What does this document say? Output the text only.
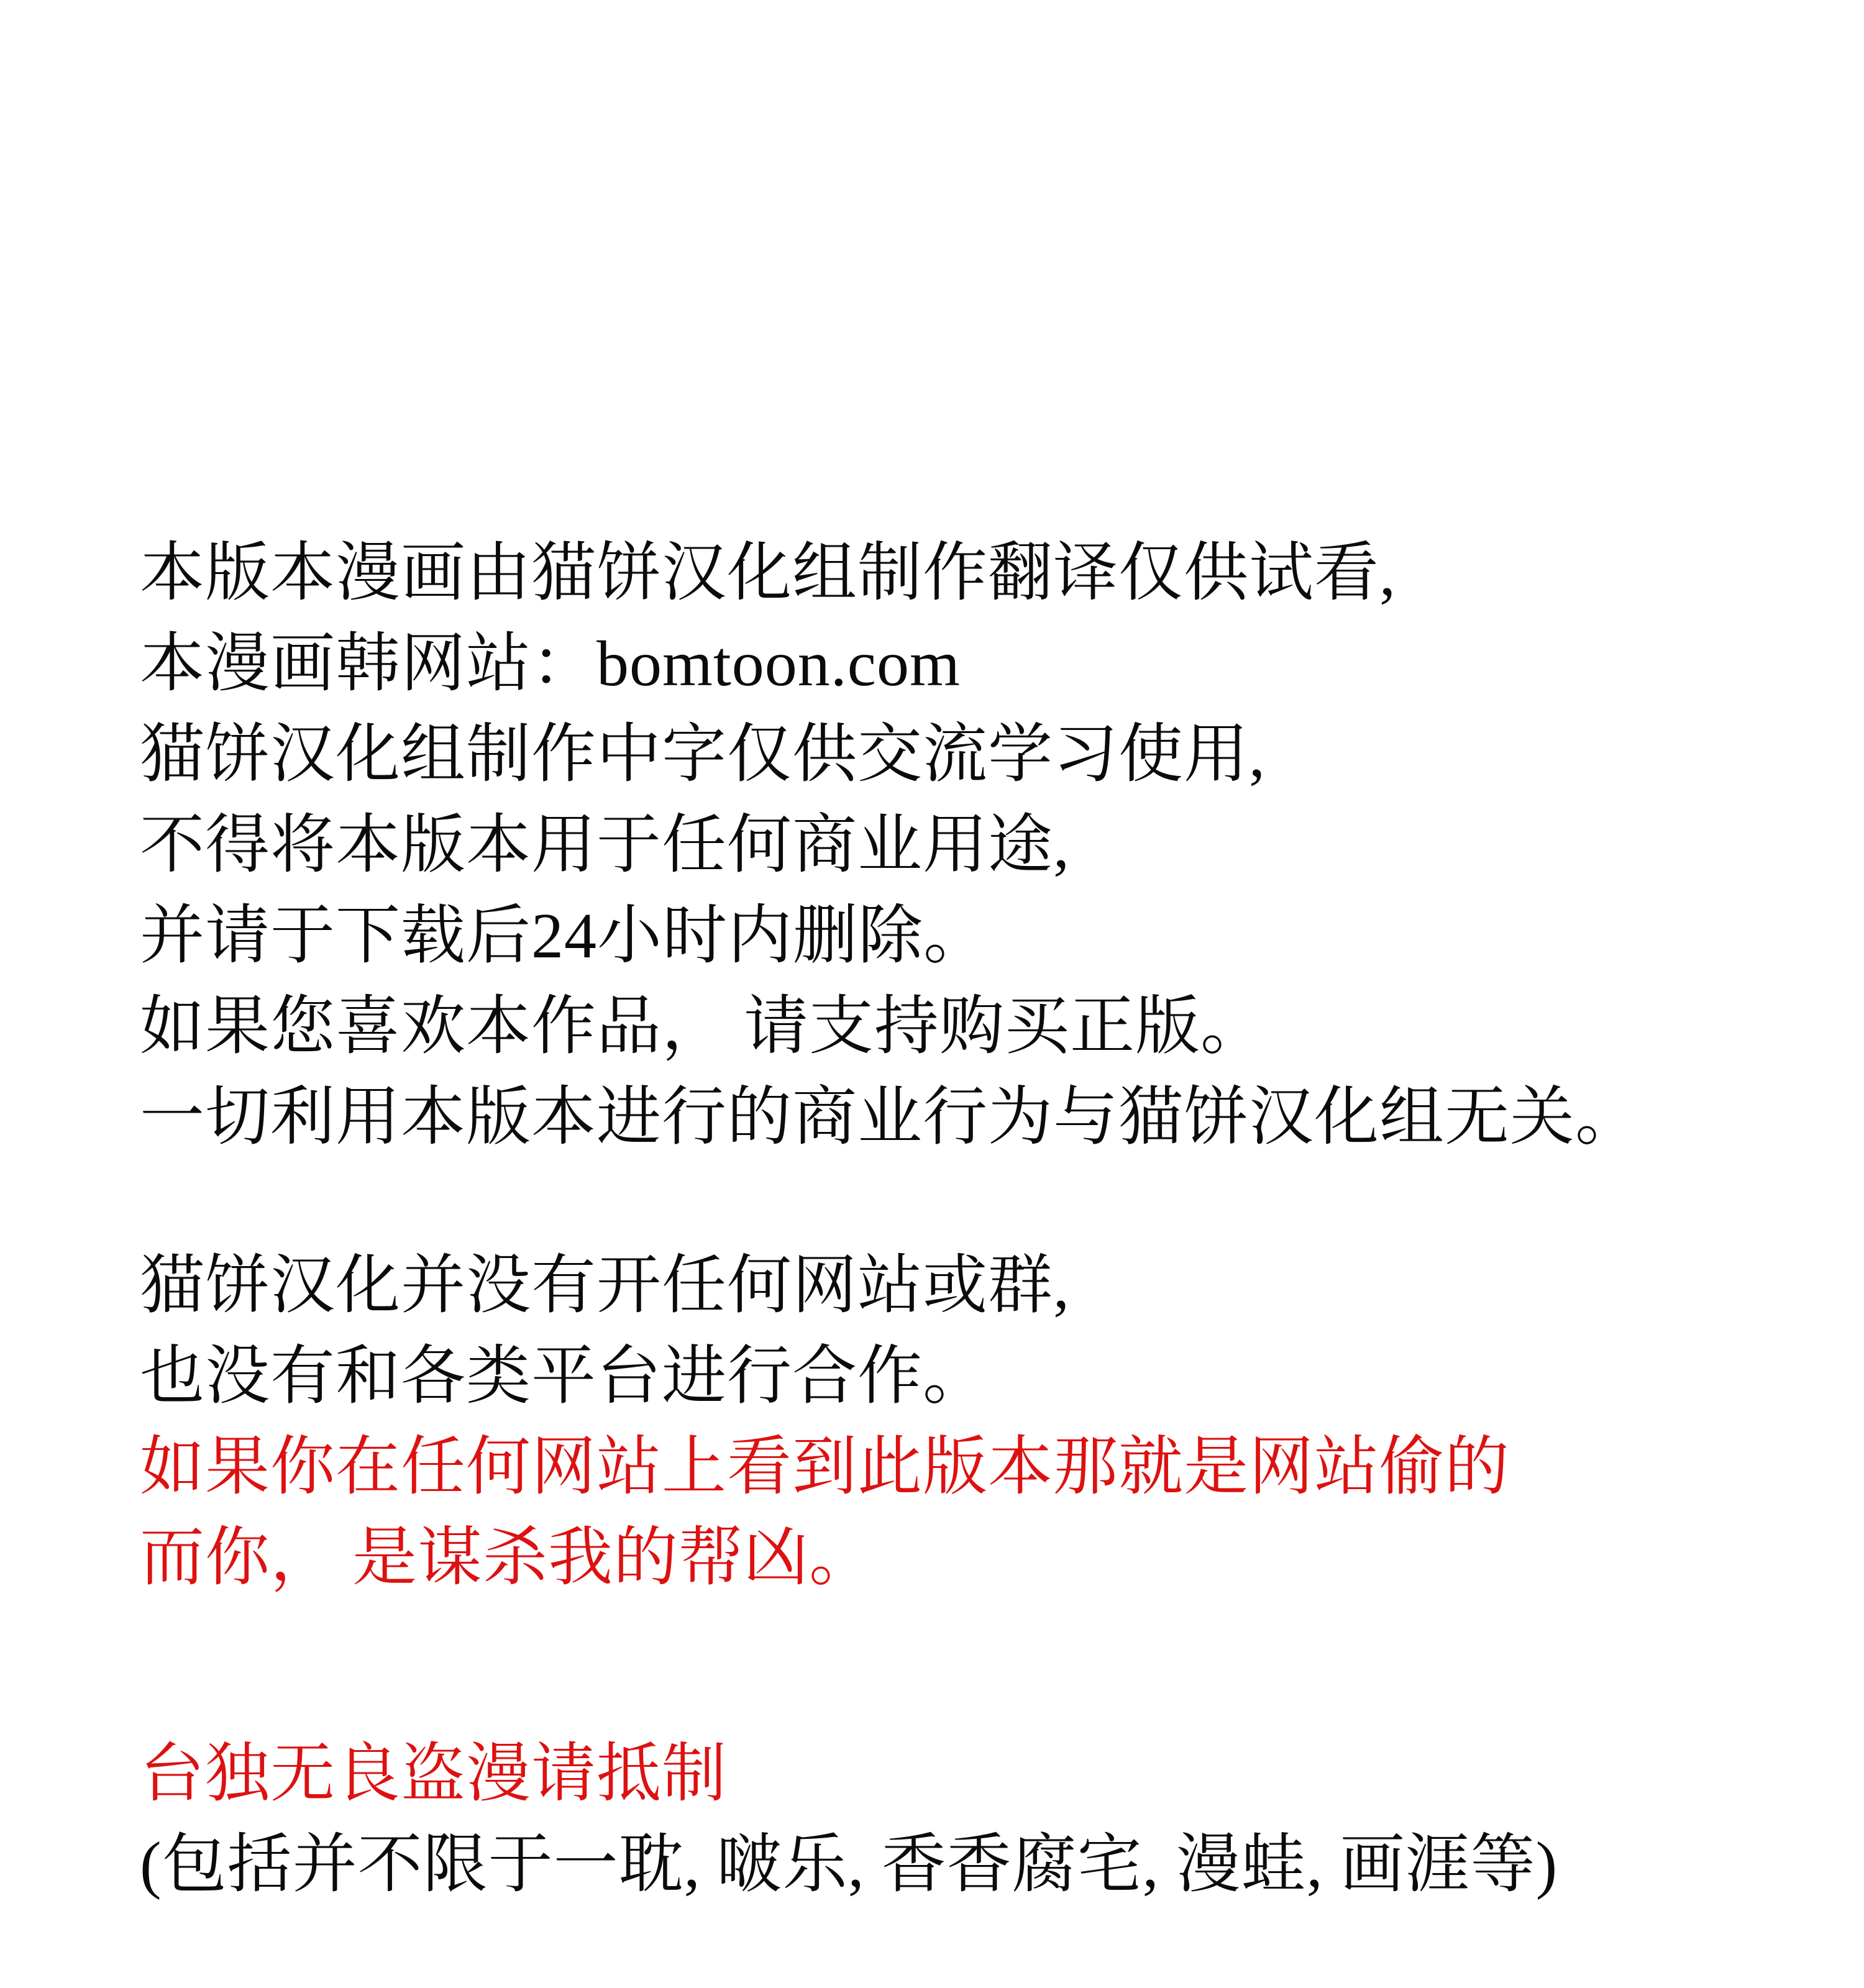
本版本漫画由猫饼汉化组制作翻译仅供试看,

本漫画韩网站：bomtoon.com

猫饼汉化组制作中字仅供交流学习使用,

不得将本版本用于任何商业用途,

并请于下载后24小时内删除。

如果您喜欢本作品， 请支持购买正版。

一切利用本版本进行的商业行为与猫饼汉化组无关。

猫饼汉化并没有开任何网站或群,

也没有和各类平台进行合作。

如果你在任何网站上看到此版本那就是网站偷的

而你， 是谋杀我的帮凶。

台独无良盗漫请抵制

(包括并不限于一耽, 啵乐, 香香腐宅, 漫蛙, 画涯等)
